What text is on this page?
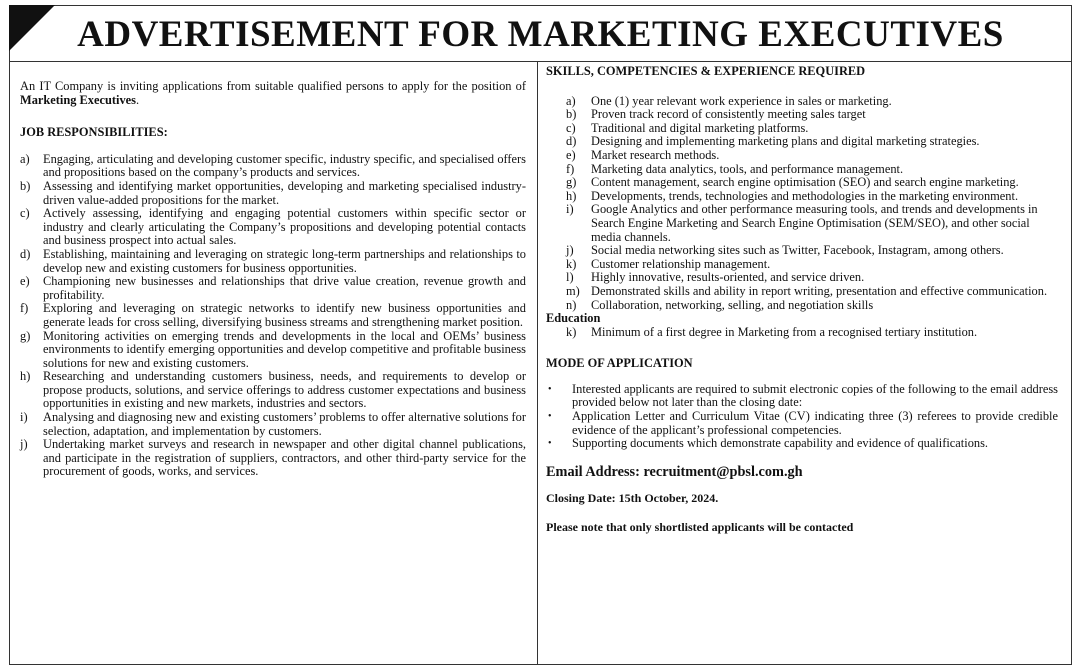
ADVERTISEMENT FOR MARKETING EXECUTIVES

An IT Company is inviting applications from suitable qualified persons to apply for the position of Marketing Executives.

JOB RESPONSIBILITIES:

a)	Engaging, articulating and developing customer specific, industry specific, and specialised offers and propositions based on the company’s products and services.
b)	Assessing and identifying market opportunities, developing and marketing specialised industry-driven value-added propositions for the market.
c)	Actively assessing, identifying and engaging potential customers within specific sector or industry and clearly articulating the Company’s propositions and developing potential contacts and business prospect into actual sales.
d)	Establishing, maintaining and leveraging on strategic long-term partnerships and relationships to develop new and existing customers for business opportunities.
e)	Championing new businesses and relationships that drive value creation, revenue growth and profitability.
f)	Exploring and leveraging on strategic networks to identify new business opportunities and generate leads for cross selling, diversifying business streams and strengthening market position.
g)	Monitoring activities on emerging trends and developments in the local and OEMs’ business environments to identify emerging opportunities and develop competitive and profitable business solutions for new and existing customers.
h)	Researching and understanding customers business, needs, and requirements to develop or propose products, solutions, and service offerings to address customer expectations and business opportunities in existing and new markets, industries and sectors.
i)	Analysing and diagnosing new and existing customers’ problems to offer alternative solutions for selection, adaptation, and implementation by customers.
j)	Undertaking market surveys and research in newspaper and other digital channel publications, and participate in the registration of suppliers, contractors, and other third-party service for the procurement of goods, works, and services.

SKILLS, COMPETENCIES & EXPERIENCE REQUIRED

a)	One (1) year relevant work experience in sales or marketing.
b)	Proven track record of consistently meeting sales target
c)	Traditional and digital marketing platforms.
d)	Designing and implementing marketing plans and digital marketing strategies.
e)	Market research methods.
f)	Marketing data analytics, tools, and performance management.
g)	Content management, search engine optimisation (SEO) and search engine marketing.
h)	Developments, trends, technologies and methodologies in the marketing environment.
i)	Google Analytics and other performance measuring tools, and trends and developments in Search Engine Marketing and Search Engine Optimisation (SEM/SEO), and other social media channels.
j)	Social media networking sites such as Twitter, Facebook, Instagram, among others.
k)	Customer relationship management.
l)	Highly innovative, results-oriented, and service driven.
m) Demonstrated skills and ability in report writing, presentation and effective communication.
n)	Collaboration, networking, selling, and negotiation skills

Education

k)	Minimum of a first degree in Marketing from a recognised tertiary institution.

MODE OF APPLICATION

•	Interested applicants are required to submit electronic copies of the following to the email address provided below not later than the closing date:
•	Application Letter and Curriculum Vitae (CV) indicating three (3) referees to provide credible evidence of the applicant’s professional competencies.
•	Supporting documents which demonstrate capability and evidence of qualifications.

Email Address: recruitment@pbsl.com.gh

Closing Date: 15th October, 2024.

Please note that only shortlisted applicants will be contacted
